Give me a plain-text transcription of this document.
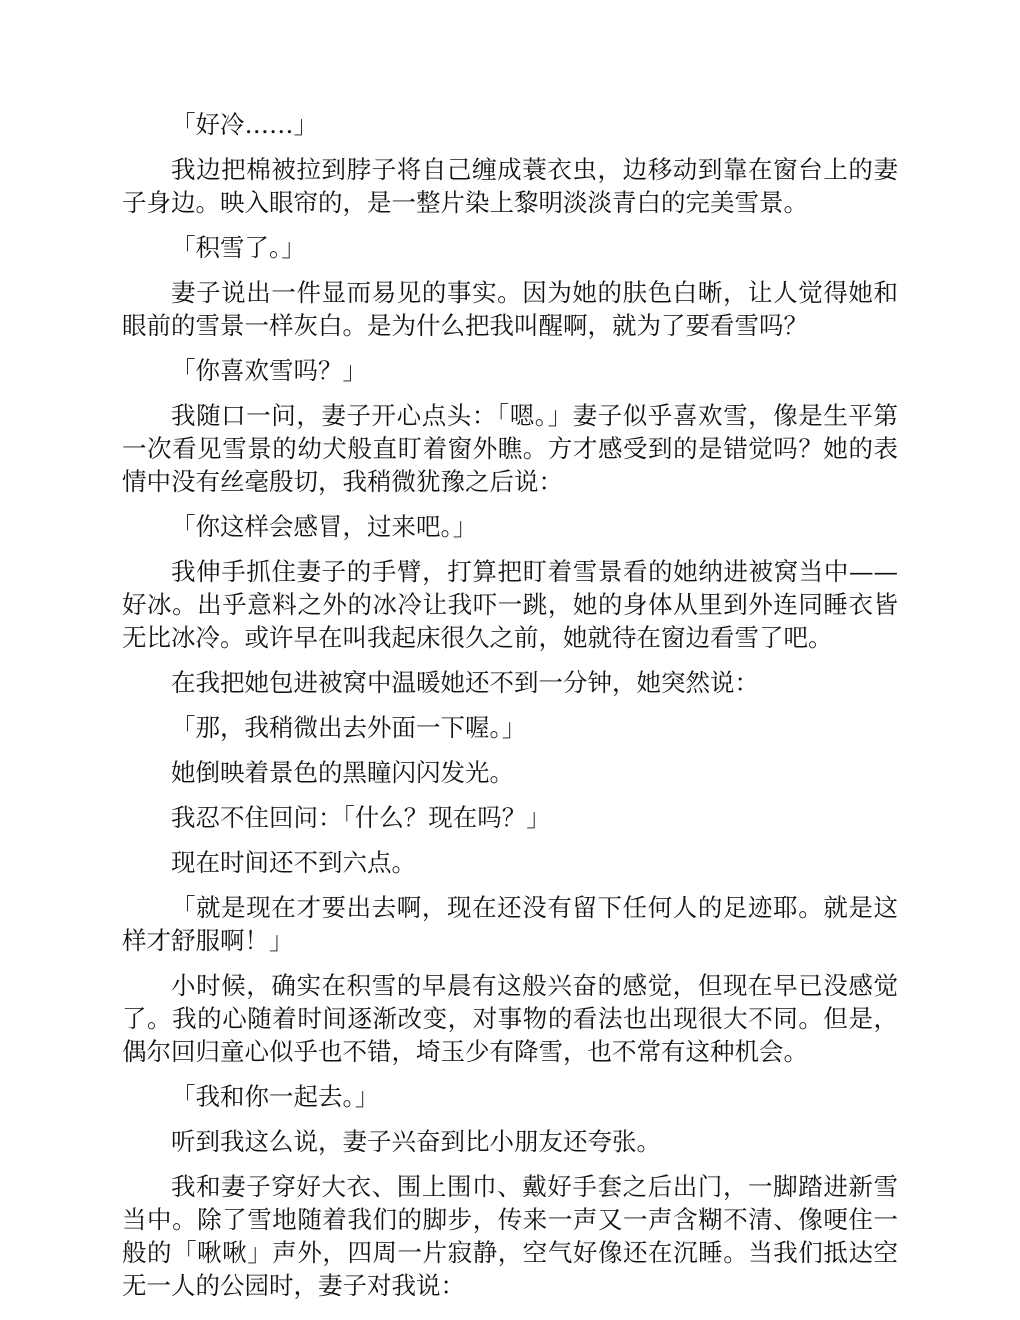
「好冷……」

我边把棉被拉到脖子将自己缠成蓑衣虫，边移动到靠在窗台上的妻子身边。映入眼帘的，是一整片染上黎明淡淡青白的完美雪景。

「积雪了。」

妻子说出一件显而易见的事实。因为她的肤色白晰，让人觉得她和眼前的雪景一样灰白。是为什么把我叫醒啊，就为了要看雪吗？

「你喜欢雪吗？」

我随口一问，妻子开心点头：「嗯。」妻子似乎喜欢雪，像是生平第一次看见雪景的幼犬般直盯着窗外瞧。方才感受到的是错觉吗？她的表情中没有丝毫殷切，我稍微犹豫之后说：

「你这样会感冒，过来吧。」

我伸手抓住妻子的手臂，打算把盯着雪景看的她纳进被窝当中——好冰。出乎意料之外的冰冷让我吓一跳，她的身体从里到外连同睡衣皆无比冰冷。或许早在叫我起床很久之前，她就待在窗边看雪了吧。

在我把她包进被窝中温暖她还不到一分钟，她突然说：

「那，我稍微出去外面一下喔。」

她倒映着景色的黑瞳闪闪发光。

我忍不住回问：「什么？现在吗？」

现在时间还不到六点。

「就是现在才要出去啊，现在还没有留下任何人的足迹耶。就是这样才舒服啊！」

小时候，确实在积雪的早晨有这般兴奋的感觉，但现在早已没感觉了。我的心随着时间逐渐改变，对事物的看法也出现很大不同。但是，偶尔回归童心似乎也不错，埼玉少有降雪，也不常有这种机会。

「我和你一起去。」

听到我这么说，妻子兴奋到比小朋友还夸张。

我和妻子穿好大衣、围上围巾、戴好手套之后出门，一脚踏进新雪当中。除了雪地随着我们的脚步，传来一声又一声含糊不清、像哽住一般的「啾啾」声外，四周一片寂静，空气好像还在沉睡。当我们抵达空无一人的公园时，妻子对我说：
